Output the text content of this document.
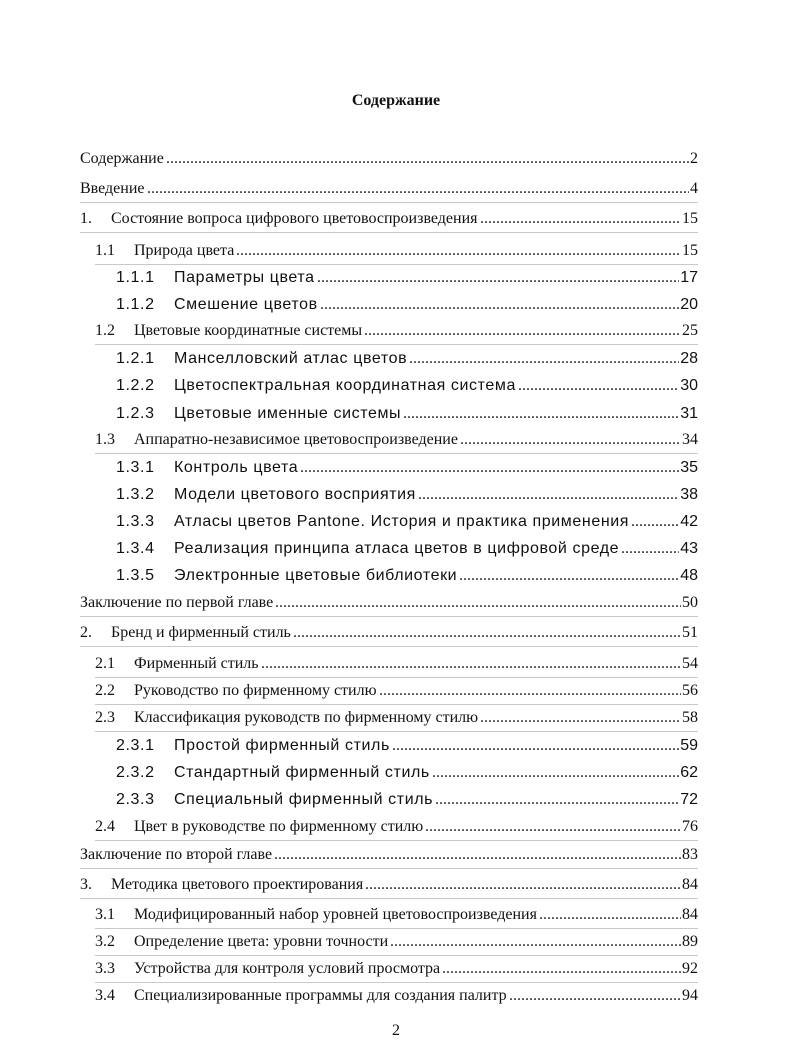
Содержание
Содержание	2
.....
Введение	4
.....
1. Состояние вопроса цифрового цветовоспроизведения	15
.....
1.1 Природа цвета	15
.....
1.1.1 Параметры цвета	17
.....
1.1.2 Смешение цветов	20
.....
1.2 Цветовые координатные системы	25
.....
1.2.1 Манселловский атлас цветов	28
.....
1.2.2 Цветоспектральная координатная система	30
.....
1.2.3 Цветовые именные системы	31
.....
1.3 Аппаратно-независимое цветовоспроизведение	34
.....
1.3.1 Контроль цвета	35
.....
1.3.2 Модели цветового восприятия	38
.....
1.3.3 Атласы цветов Pantone. История и практика применения	42
.....
1.3.4 Реализация принципа атласа цветов в цифровой среде	43
.....
1.3.5 Электронные цветовые библиотеки	48
.....
Заключение по первой главе	50
.....
2. Бренд и фирменный стиль	51
.....
2.1 Фирменный стиль	54
.....
2.2 Руководство по фирменному стилю	56
.....
2.3 Классификация руководств по фирменному стилю	58
.....
2.3.1 Простой фирменный стиль	59
.....
2.3.2 Стандартный фирменный стиль	62
.....
2.3.3 Специальный фирменный стиль	72
.....
2.4 Цвет в руководстве по фирменному стилю	76
.....
Заключение по второй главе	83
.....
3. Методика цветового проектирования	84
.....
3.1 Модифицированный набор уровней цветовоспроизведения	84
.....
3.2 Определение цвета: уровни точности	89
.....
3.3 Устройства для контроля условий просмотра	92
.....
3.4 Специализированные программы для создания палитр	94
.....
2
